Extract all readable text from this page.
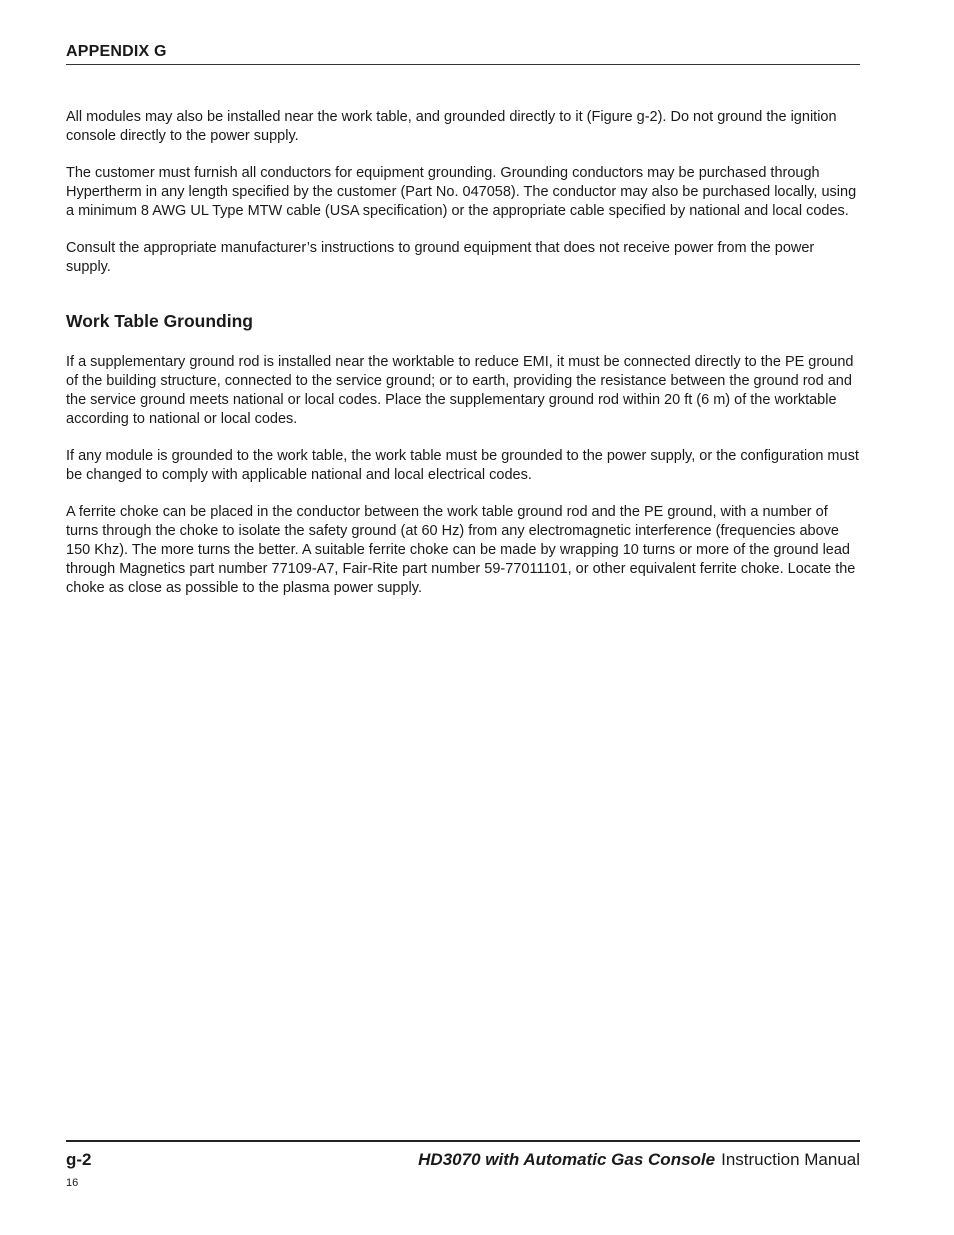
APPENDIX G

All modules may also be installed near the work table, and grounded directly to it (Figure g-2). Do not ground the ignition console directly to the power supply.

The customer must furnish all conductors for equipment grounding. Grounding conductors may be purchased through Hypertherm in any length specified by the customer (Part No. 047058). The conductor may also be purchased locally, using a minimum 8 AWG UL Type MTW cable (USA specification) or the appropriate cable specified by national and local codes.

Consult the appropriate manufacturer’s instructions to ground equipment that does not receive power from the power supply.

Work Table Grounding

If a supplementary ground rod is installed near the worktable to reduce EMI, it must be connected directly to the PE ground of the building structure, connected to the service ground; or to earth, providing the resistance between the ground rod and the service ground meets national or local codes. Place the supplementary ground rod within 20 ft (6 m) of the worktable according to national or local codes.

If any module is grounded to the work table, the work table must be grounded to the power supply, or the configuration must be changed to comply with applicable national and local electrical codes.

A ferrite choke can be placed in the conductor between the work table ground rod and the PE ground, with a number of turns through the choke to isolate the safety ground (at 60 Hz) from any electromagnetic interference (frequencies above 150 Khz). The more turns the better. A suitable ferrite choke can be made by wrapping 10 turns or more of the ground lead through Magnetics part number 77109-A7, Fair-Rite part number 59-77011101, or other equivalent ferrite choke. Locate the choke as close as possible to the plasma power supply.

g-2	HD3070 with Automatic Gas Console Instruction Manual
16
